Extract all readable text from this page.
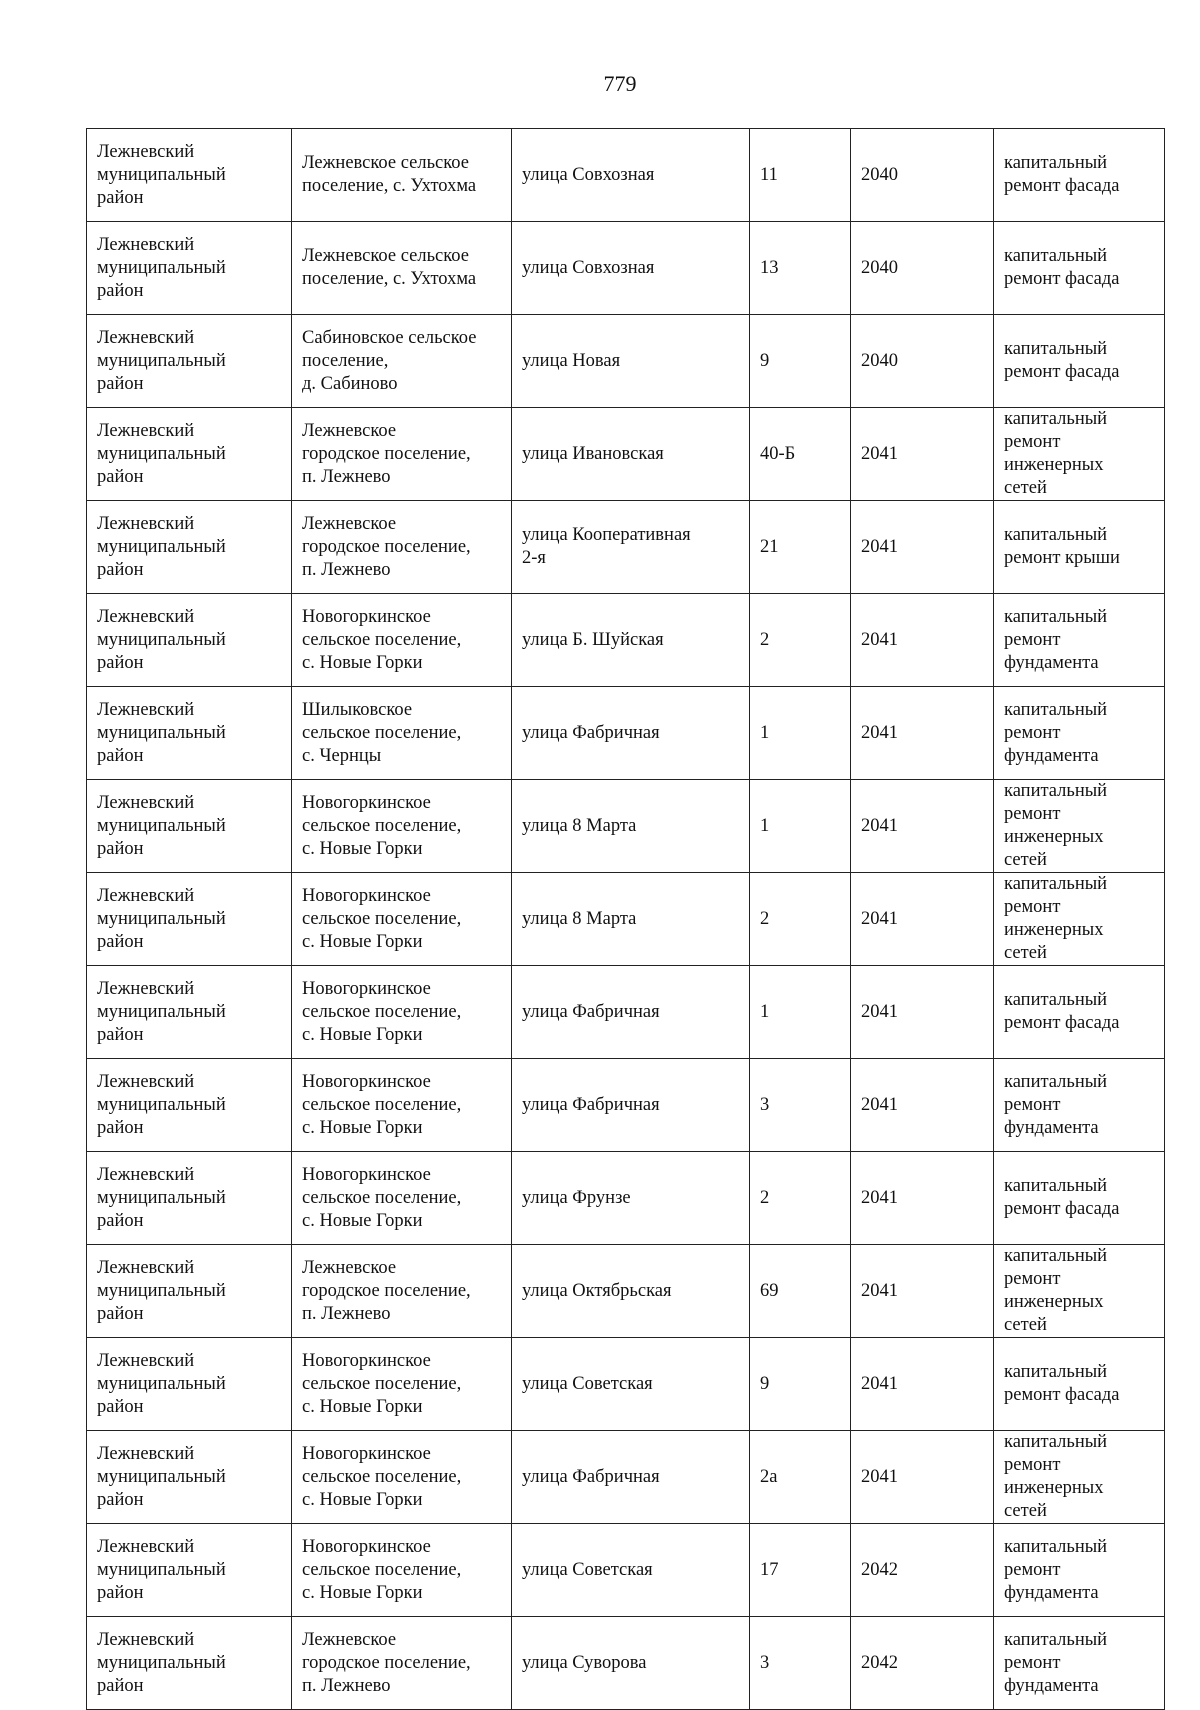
779
Лежневский
муниципальный
район	Лежневское сельское
поселение, с. Ухтохма	улица Совхозная	11	2040	капитальный
ремонт фасада

Лежневский
муниципальный
район	Лежневское сельское
поселение, с. Ухтохма	улица Совхозная	13	2040	капитальный
ремонт фасада

Лежневский
муниципальный
район	Сабиновское сельское
поселение,
д. Сабиново	улица Новая	9	2040	капитальный
ремонт фасада

Лежневский
муниципальный
район	Лежневское
городское поселение,
п. Лежнево	улица Ивановская	40-Б	2041	капитальный
ремонт
инженерных
сетей

Лежневский
муниципальный
район	Лежневское
городское поселение,
п. Лежнево	улица Кооперативная
2-я	21	2041	капитальный
ремонт крыши

Лежневский
муниципальный
район	Новогоркинское
сельское поселение,
с. Новые Горки	улица Б. Шуйская	2	2041	капитальный
ремонт
фундамента

Лежневский
муниципальный
район	Шилыковское
сельское поселение,
с. Чернцы	улица Фабричная	1	2041	капитальный
ремонт
фундамента

Лежневский
муниципальный
район	Новогоркинское
сельское поселение,
с. Новые Горки	улица 8 Марта	1	2041	капитальный
ремонт
инженерных
сетей

Лежневский
муниципальный
район	Новогоркинское
сельское поселение,
с. Новые Горки	улица 8 Марта	2	2041	капитальный
ремонт
инженерных
сетей

Лежневский
муниципальный
район	Новогоркинское
сельское поселение,
с. Новые Горки	улица Фабричная	1	2041	капитальный
ремонт фасада

Лежневский
муниципальный
район	Новогоркинское
сельское поселение,
с. Новые Горки	улица Фабричная	3	2041	капитальный
ремонт
фундамента

Лежневский
муниципальный
район	Новогоркинское
сельское поселение,
с. Новые Горки	улица Фрунзе	2	2041	капитальный
ремонт фасада

Лежневский
муниципальный
район	Лежневское
городское поселение,
п. Лежнево	улица Октябрьская	69	2041	капитальный
ремонт
инженерных
сетей

Лежневский
муниципальный
район	Новогоркинское
сельское поселение,
с. Новые Горки	улица Советская	9	2041	капитальный
ремонт фасада

Лежневский
муниципальный
район	Новогоркинское
сельское поселение,
с. Новые Горки	улица Фабричная	2а	2041	капитальный
ремонт
инженерных
сетей

Лежневский
муниципальный
район	Новогоркинское
сельское поселение,
с. Новые Горки	улица Советская	17	2042	капитальный
ремонт
фундамента

Лежневский
муниципальный
район	Лежневское
городское поселение,
п. Лежнево	улица Суворова	3	2042	капитальный
ремонт
фундамента
